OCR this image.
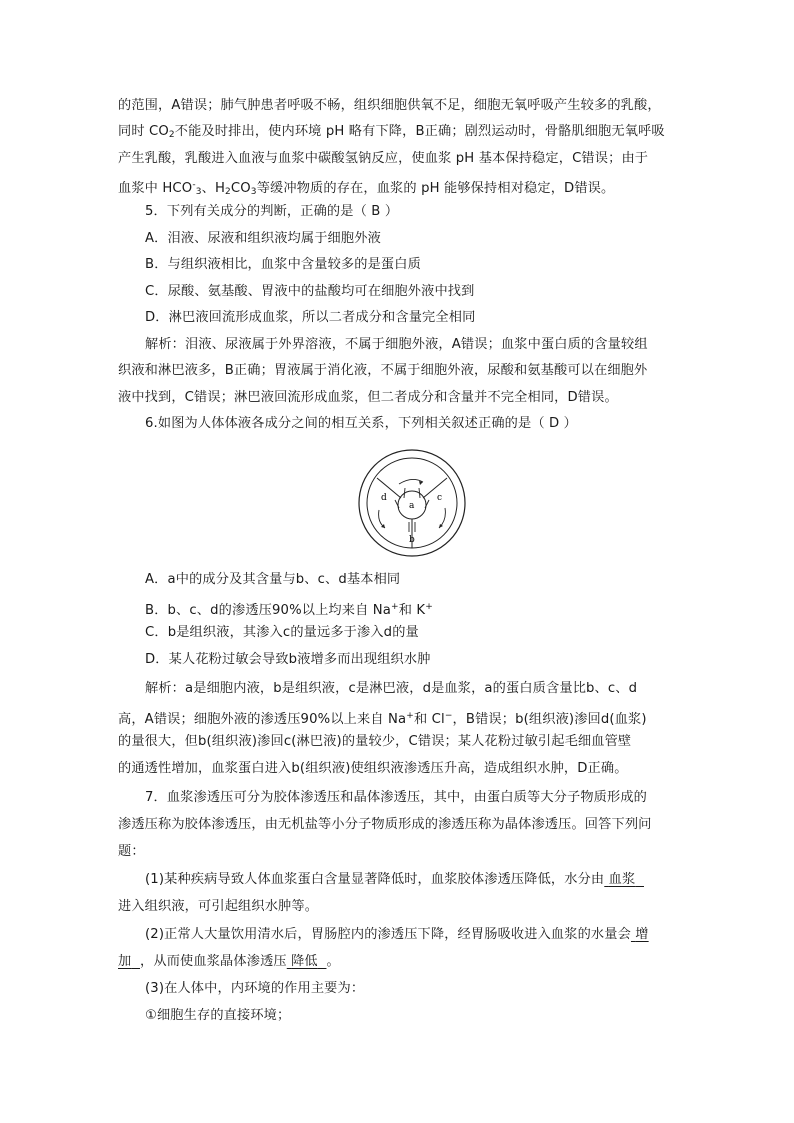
的范围，A错误；肺气肿患者呼吸不畅，组织细胞供氧不足，细胞无氧呼吸产生较多的乳酸，
同时 $CO_2$不能及时排出，使内环境 pH 略有下降，B正确；剧烈运动时，骨骼肌细胞无氧呼吸
产生乳酸，乳酸进入血液与血浆中碳酸氢钠反应，使血浆 pH 基本保持稳定，C错误；由于
血浆中 $HCO^-_3$、$H_2CO_3$等缓冲物质的存在，血浆的 pH 能够保持相对稳定，D错误。
5．下列有关成分的判断，正确的是（ B ）
A．泪液、尿液和组织液均属于细胞外液
B．与组织液相比，血浆中含量较多的是蛋白质
C．尿酸、氨基酸、胃液中的盐酸均可在细胞外液中找到
D．淋巴液回流形成血浆，所以二者成分和含量完全相同
解析：泪液、尿液属于外界溶液，不属于细胞外液，A错误；血浆中蛋白质的含量较组
织液和淋巴液多，B正确；胃液属于消化液，不属于细胞外液，尿酸和氨基酸可以在细胞外
液中找到，C错误；淋巴液回流形成血浆，但二者成分和含量并不完全相同，D错误。
6.如图为人体体液各成分之间的相互关系，下列相关叙述正确的是（ D ）
a
b
c
d
A．a中的成分及其含量与b、c、d基本相同
B．b、c、d的渗透压90%以上均来自 Na+和 K+
C．b是组织液，其渗入c的量远多于渗入d的量
D．某人花粉过敏会导致b液增多而出现组织水肿
解析：a是细胞内液，b是组织液，c是淋巴液，d是血浆，a的蛋白质含量比b、c、d
高，A错误；细胞外液的渗透压90%以上来自 Na+和 Cl−，B错误；b(组织液)渗回d(血浆)
的量很大，但b(组织液)渗回c(淋巴液)的量较少，C错误；某人花粉过敏引起毛细血管壁
的通透性增加，血浆蛋白进入b(组织液)使组织液渗透压升高，造成组织水肿，D正确。
7．血浆渗透压可分为胶体渗透压和晶体渗透压，其中，由蛋白质等大分子物质形成的
渗透压称为胶体渗透压，由无机盐等小分子物质形成的渗透压称为晶体渗透压。回答下列问
题：
(1)某种疾病导致人体血浆蛋白含量显著降低时，血浆胶体渗透压降低，水分由 血浆
进入组织液，可引起组织水肿等。
(2)正常人大量饮用清水后，胃肠腔内的渗透压下降，经胃肠吸收进入血浆的水量会 增
加 ，从而使血浆晶体渗透压 降低 。
(3)在人体中，内环境的作用主要为：
①细胞生存的直接环境；
